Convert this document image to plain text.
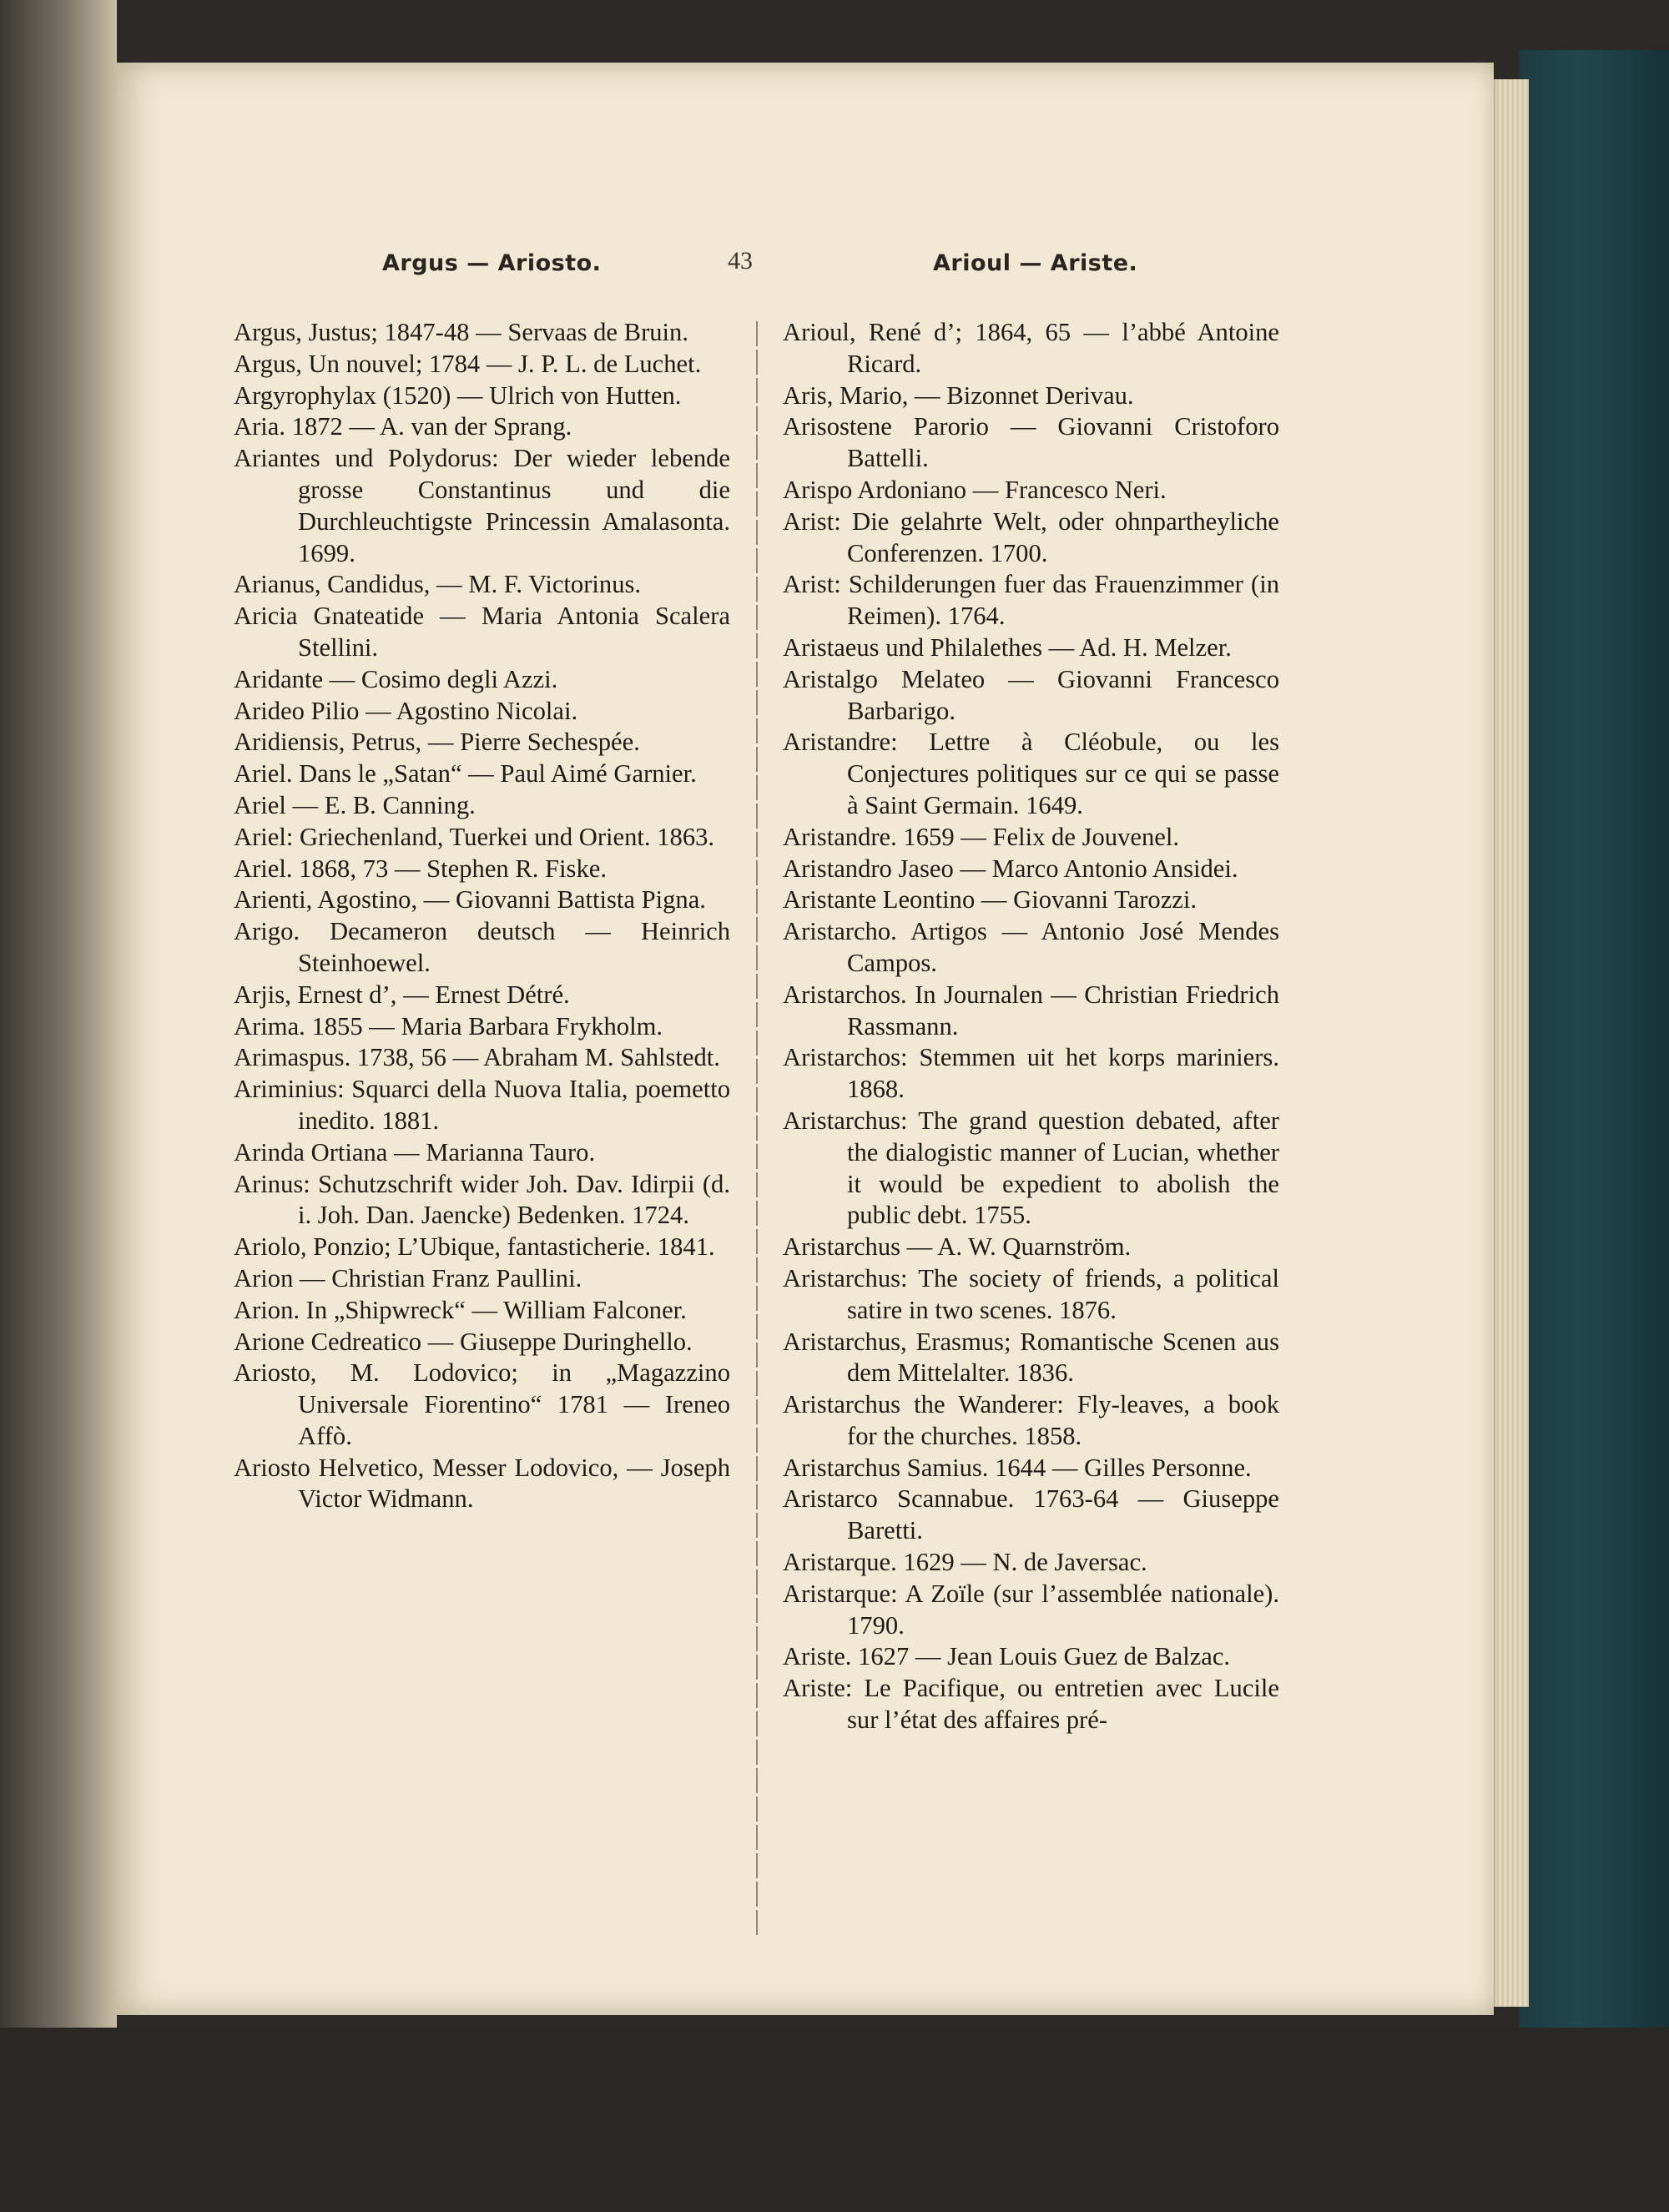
Argus — Ariosto.	43	Arioul — Ariste.

Argus, Justus; 1847-48 — Servaas de Bruin.

Argus, Un nouvel; 1784 — J. P. L. de Luchet.

Argyrophylax (1520) — Ulrich von Hutten.

Aria. 1872 — A. van der Sprang.

Ariantes und Polydorus: Der wieder lebende grosse Constantinus und die Durchleuchtigste Princessin Amalasonta. 1699.

Arianus, Candidus, — M. F. Victorinus.

Aricia Gnateatide — Maria Antonia Scalera Stellini.

Aridante — Cosimo degli Azzi.

Arideo Pilio — Agostino Nicolai.

Aridiensis, Petrus, — Pierre Sechespée.

Ariel. Dans le „Satan“ — Paul Aimé Garnier.

Ariel — E. B. Canning.

Ariel: Griechenland, Tuerkei und Orient. 1863.

Ariel. 1868, 73 — Stephen R. Fiske.

Arienti, Agostino, — Giovanni Battista Pigna.

Arigo. Decameron deutsch — Heinrich Steinhoewel.

Arjis, Ernest d’, — Ernest Détré.

Arima. 1855 — Maria Barbara Frykholm.

Arimaspus. 1738, 56 — Abraham M. Sahlstedt.

Ariminius: Squarci della Nuova Italia, poemetto inedito. 1881.

Arinda Ortiana — Marianna Tauro.

Arinus: Schutzschrift wider Joh. Dav. Idirpii (d. i. Joh. Dan. Jaencke) Bedenken. 1724.

Ariolo, Ponzio; L’Ubique, fantasticherie. 1841.

Arion — Christian Franz Paullini.

Arion. In „Shipwreck“ — William Falconer.

Arione Cedreatico — Giuseppe Duringhello.

Ariosto, M. Lodovico; in „Magazzino Universale Fiorentino“ 1781 — Ireneo Affò.

Ariosto Helvetico, Messer Lodovico, — Joseph Victor Widmann.

Arioul, René d’; 1864, 65 — l’abbé Antoine Ricard.

Aris, Mario, — Bizonnet Derivau.

Arisostene Parorio — Giovanni Cristoforo Battelli.

Arispo Ardoniano — Francesco Neri.

Arist: Die gelahrte Welt, oder ohnpartheyliche Conferenzen. 1700.

Arist: Schilderungen fuer das Frauenzimmer (in Reimen). 1764.

Aristaeus und Philalethes — Ad. H. Melzer.

Aristalgo Melateo — Giovanni Francesco Barbarigo.

Aristandre: Lettre à Cléobule, ou les Conjectures politiques sur ce qui se passe à Saint Germain. 1649.

Aristandre. 1659 — Felix de Jouvenel.

Aristandro Jaseo — Marco Antonio Ansidei.

Aristante Leontino — Giovanni Tarozzi.

Aristarcho. Artigos — Antonio José Mendes Campos.

Aristarchos. In Journalen — Christian Friedrich Rassmann.

Aristarchos: Stemmen uit het korps mariniers. 1868.

Aristarchus: The grand question debated, after the dialogistic manner of Lucian, whether it would be expedient to abolish the public debt. 1755.

Aristarchus — A. W. Quarnström.

Aristarchus: The society of friends, a political satire in two scenes. 1876.

Aristarchus, Erasmus; Romantische Scenen aus dem Mittelalter. 1836.

Aristarchus the Wanderer: Fly-leaves, a book for the churches. 1858.

Aristarchus Samius. 1644 — Gilles Personne.

Aristarco Scannabue. 1763-64 — Giuseppe Baretti.

Aristarque. 1629 — N. de Javersac.

Aristarque: A Zoïle (sur l’assemblée nationale). 1790.

Ariste. 1627 — Jean Louis Guez de Balzac.

Ariste: Le Pacifique, ou entretien avec Lucile sur l’état des affaires pré-
